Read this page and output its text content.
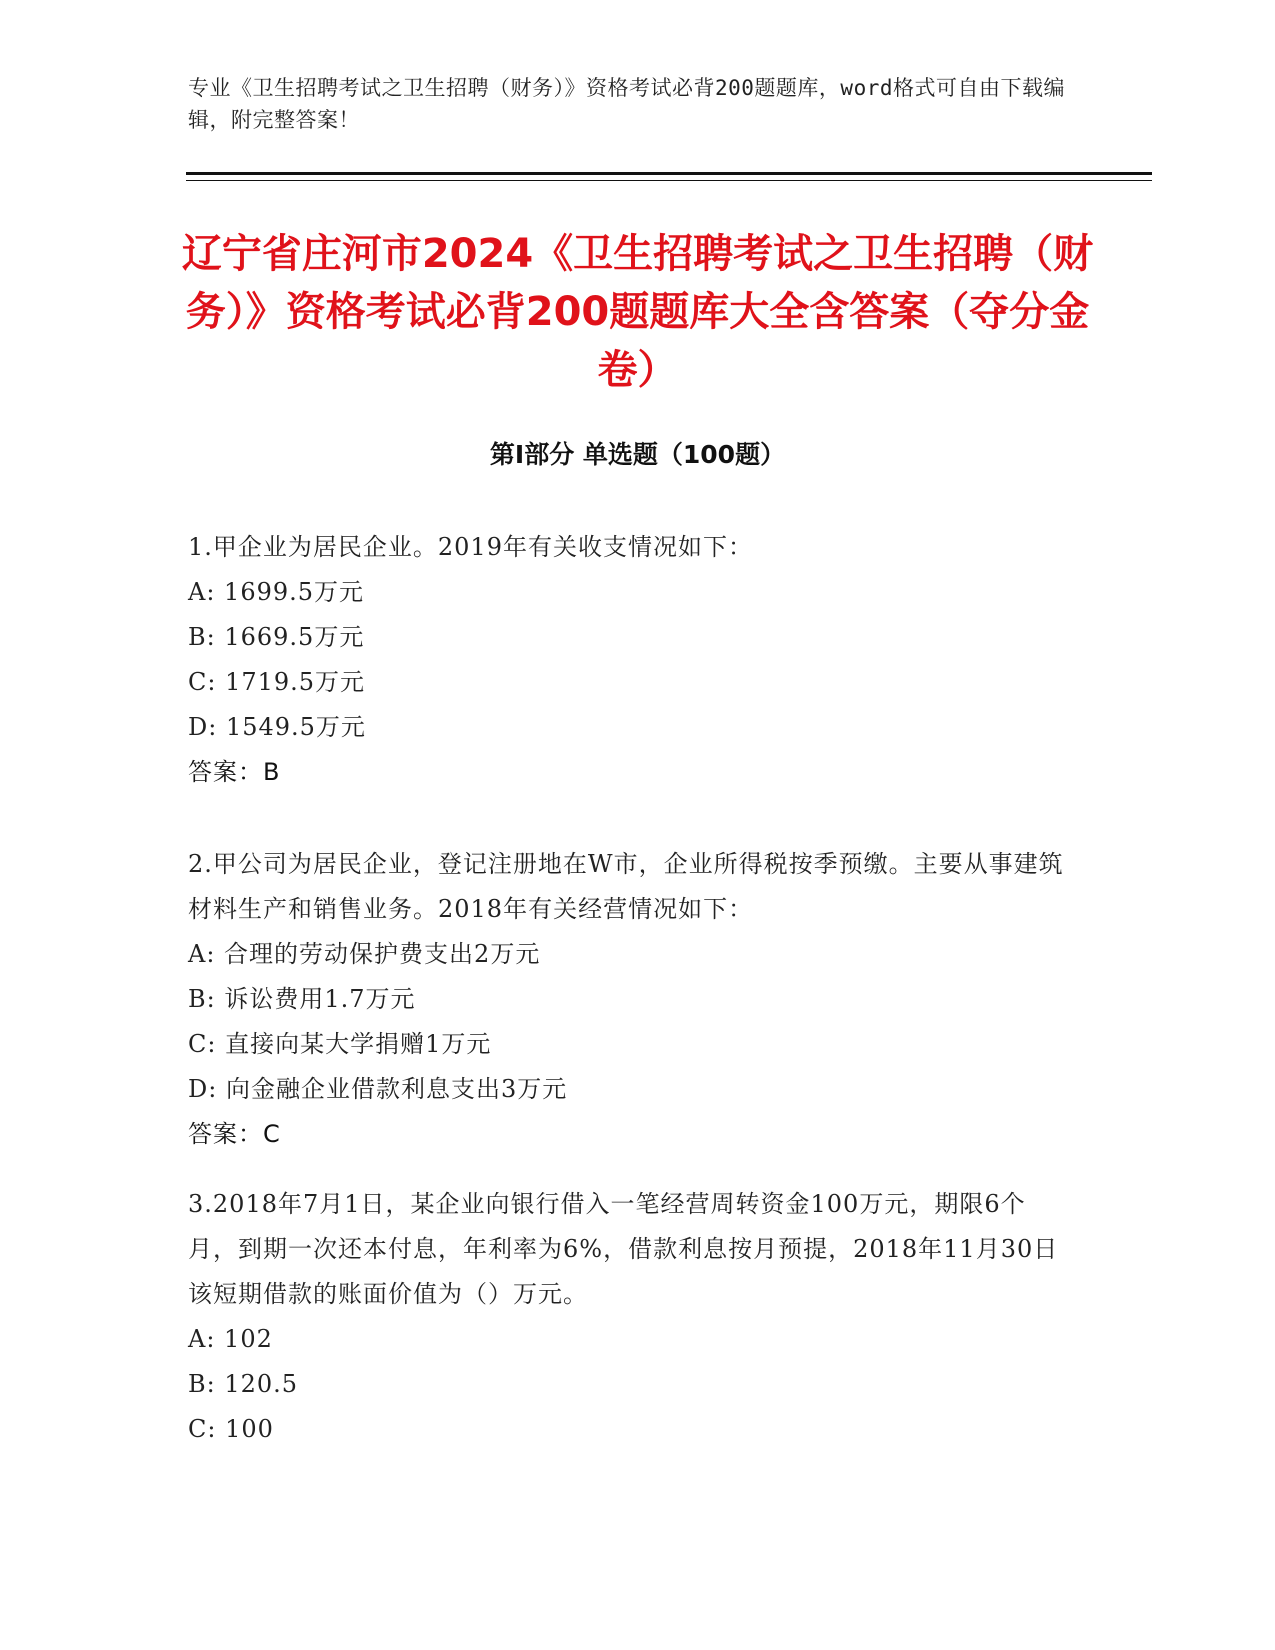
专业《卫生招聘考试之卫生招聘（财务）》资格考试必背200题题库，word格式可自由下载编辑，附完整答案！
辽宁省庄河市2024《卫生招聘考试之卫生招聘（财务）》资格考试必背200题题库大全含答案（夺分金卷）
第Ⅰ部分 单选题（100题）

1.甲企业为居民企业。2019年有关收支情况如下：

A: 1699.5万元

B: 1669.5万元

C: 1719.5万元

D: 1549.5万元

答案：B

2.甲公司为居民企业，登记注册地在W市，企业所得税按季预缴。主要从事建筑材料生产和销售业务。2018年有关经营情况如下：

A: 合理的劳动保护费支出2万元

B: 诉讼费用1.7万元

C: 直接向某大学捐赠1万元

D: 向金融企业借款利息支出3万元

答案：C

3.2018年7月1日，某企业向银行借入一笔经营周转资金100万元，期限6个月，到期一次还本付息，年利率为6%，借款利息按月预提，2018年11月30日该短期借款的账面价值为（）万元。

A: 102

B: 120.5

C: 100
